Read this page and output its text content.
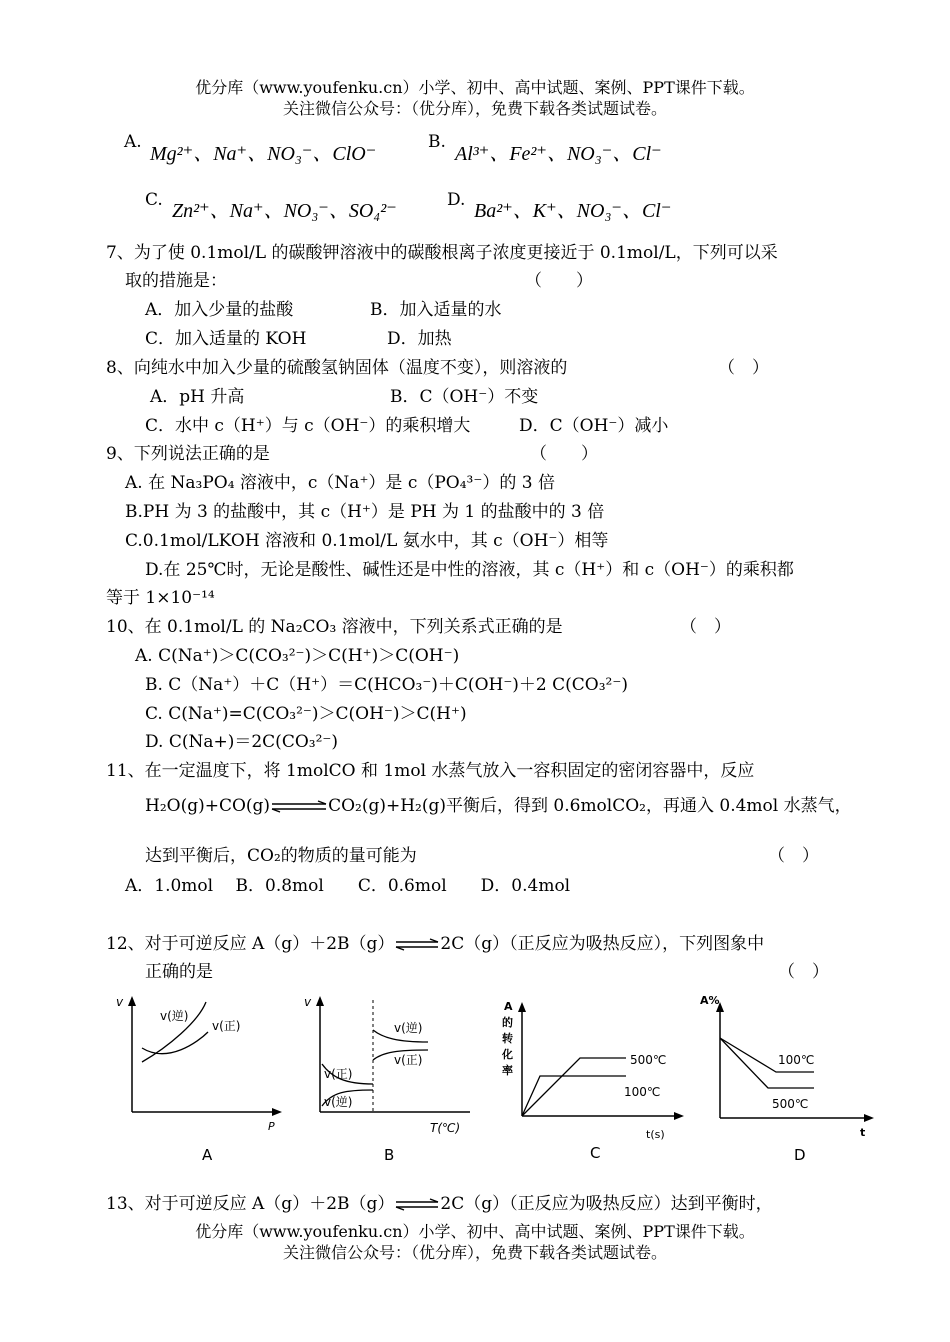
优分库（www.youfenku.cn）小学、初中、高中试题、案例、PPT课件下载。
关注微信公众号：（优分库），免费下载各类试题试卷。
A.
Mg²⁺、Na⁺、NO₃⁻、ClO⁻
B.
Al³⁺、Fe²⁺、NO₃⁻、Cl⁻
C. Zn²⁺、Na⁺、NO₃⁻、SO₄²⁻	D. Ba²⁺、K⁺、NO₃⁻、Cl⁻
7、为了使 0.1mol/L 的碳酸钾溶液中的碳酸根离子浓度更接近于 0.1mol/L，下列可以采
取的措施是：	（　　）
A．加入少量的盐酸	B．加入适量的水
C．加入适量的 KOH	D．加热
8、向纯水中加入少量的硫酸氢钠固体（温度不变），则溶液的	（　）
A．pH 升高	B．C（OH⁻）不变
C．水中 c（H⁺）与 c（OH⁻）的乘积增大	D．C（OH⁻）减小
9、下列说法正确的是	（　　）
A. 在 Na₃PO₄ 溶液中，c（Na⁺）是 c（PO₄³⁻）的 3 倍
B.PH 为 3 的盐酸中，其 c（H⁺）是 PH 为 1 的盐酸中的 3 倍
C.0.1mol/LKOH 溶液和 0.1mol/L 氨水中，其 c（OH⁻）相等
D.在 25℃时，无论是酸性、碱性还是中性的溶液，其 c（H⁺）和 c（OH⁻）的乘积都
等于 1×10⁻¹⁴
10、在 0.1mol/L 的 Na₂CO₃ 溶液中，下列关系式正确的是	（　）
A. C(Na⁺)＞C(CO₃²⁻)＞C(H⁺)＞C(OH⁻)
B. C（Na⁺）＋C（H⁺）＝C(HCO₃⁻)＋C(OH⁻)＋2 C(CO₃²⁻)
C. C(Na⁺)=C(CO₃²⁻)＞C(OH⁻)＞C(H⁺)
D. C(Na+)＝2C(CO₃²⁻)
11、在一定温度下，将 1molCO 和 1mol 水蒸气放入一容积固定的密闭容器中，反应
H₂O(g)+CO(g)⇌CO₂(g)+H₂(g)平衡后，得到 0.6molCO₂，再通入 0.4mol 水蒸气，
达到平衡后，CO₂的物质的量可能为	（　）
A．1.0mol　 B．0.8mol　　C．0.6mol　　D．0.4mol
12、对于可逆反应 A（g）＋2B（g）⇌2C（g）（正反应为吸热反应），下列图象中
正确的是	（　）
v
P
v(逆)
v(正)
A
v
T(℃)
v(逆)
v(正)
v(正)
v(逆)
B
A
的
转
化
率
500℃
100℃
t(s)
C
A%
t
100℃
500℃
D
13、对于可逆反应 A（g）＋2B（g）⇌2C（g）（正反应为吸热反应）达到平衡时，
优分库（www.youfenku.cn）小学、初中、高中试题、案例、PPT课件下载。
关注微信公众号：（优分库），免费下载各类试题试卷。
